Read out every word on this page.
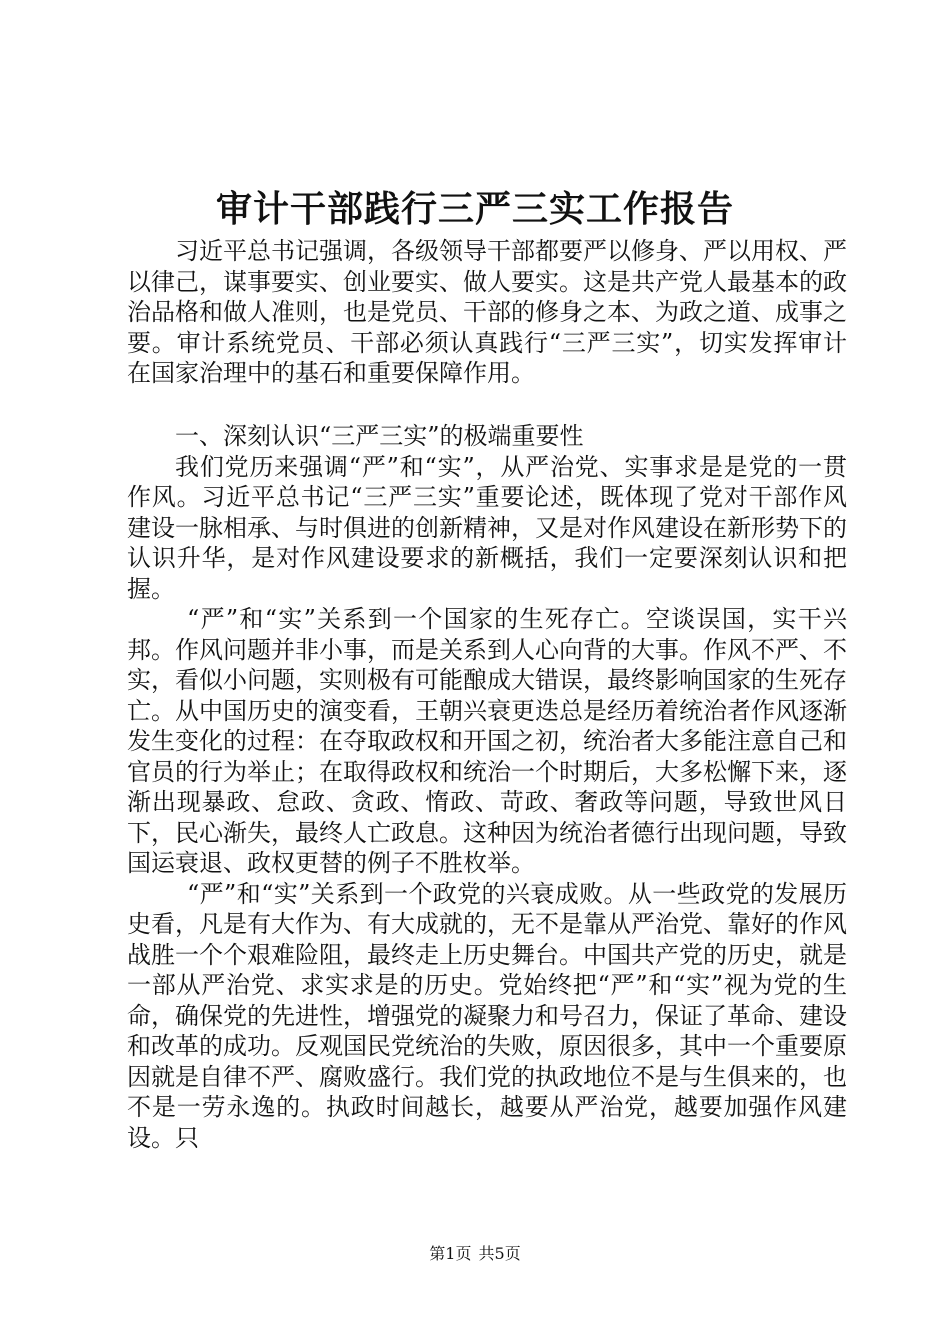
审计干部践行三严三实工作报告

习近平总书记强调，各级领导干部都要严以修身、严以用权、严以律己，谋事要实、创业要实、做人要实。这是共产党人最基本的政治品格和做人准则，也是党员、干部的修身之本、为政之道、成事之要。审计系统党员、干部必须认真践行“三严三实”，切实发挥审计在国家治理中的基石和重要保障作用。

一、深刻认识“三严三实”的极端重要性

我们党历来强调“严”和“实”，从严治党、实事求是是党的一贯作风。习近平总书记“三严三实”重要论述，既体现了党对干部作风建设一脉相承、与时俱进的创新精神，又是对作风建设在新形势下的认识升华，是对作风建设要求的新概括，我们一定要深刻认识和把握。

“严”和“实”关系到一个国家的生死存亡。空谈误国，实干兴邦。作风问题并非小事，而是关系到人心向背的大事。作风不严、不实，看似小问题，实则极有可能酿成大错误，最终影响国家的生死存亡。从中国历史的演变看，王朝兴衰更迭总是经历着统治者作风逐渐发生变化的过程：在夺取政权和开国之初，统治者大多能注意自己和官员的行为举止；在取得政权和统治一个时期后，大多松懈下来，逐渐出现暴政、怠政、贪政、惰政、苛政、奢政等问题，导致世风日下，民心渐失，最终人亡政息。这种因为统治者德行出现问题，导致国运衰退、政权更替的例子不胜枚举。

“严”和“实”关系到一个政党的兴衰成败。从一些政党的发展历史看，凡是有大作为、有大成就的，无不是靠从严治党、靠好的作风战胜一个个艰难险阻，最终走上历史舞台。中国共产党的历史，就是一部从严治党、求实求是的历史。党始终把“严”和“实”视为党的生命，确保党的先进性，增强党的凝聚力和号召力，保证了革命、建设和改革的成功。反观国民党统治的失败，原因很多，其中一个重要原因就是自律不严、腐败盛行。我们党的执政地位不是与生俱来的，也不是一劳永逸的。执政时间越长，越要从严治党，越要加强作风建设。只

第1页 共5页
